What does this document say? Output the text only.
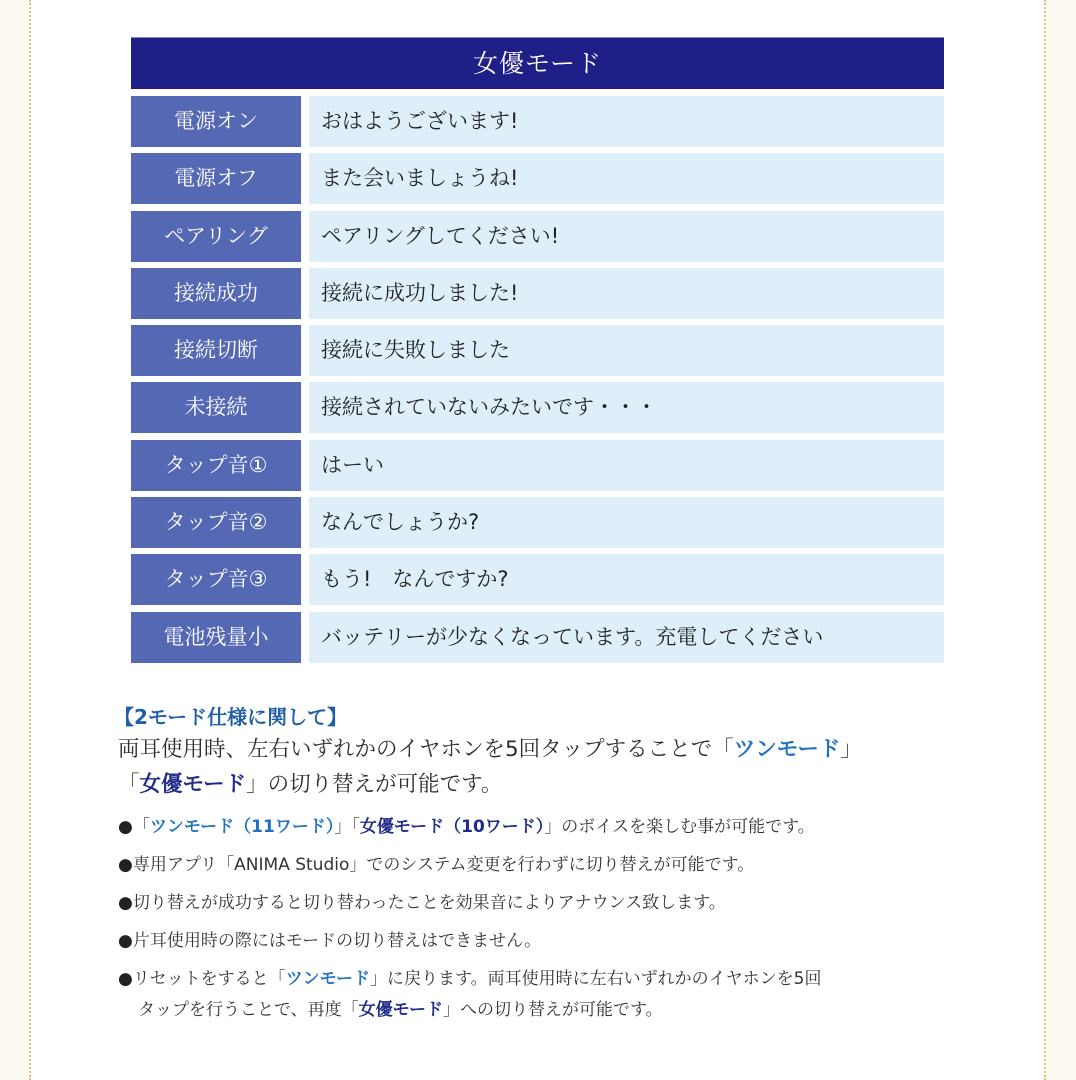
女優モード
電源オン	おはようございます!
電源オフ	また会いましょうね!
ペアリング	ペアリングしてください!
接続成功	接続に成功しました!
接続切断	接続に失敗しました
未接続	接続されていないみたいです・・・
タップ音①	はーい
タップ音②	なんでしょうか?
タップ音③	もう!　なんですか?
電池残量小	バッテリーが少なくなっています。充電してください
【2モード仕様に関して】
両耳使用時、左右いずれかのイヤホンを5回タップすることで「ツンモード」
「女優モード」の切り替えが可能です。
●「ツンモード（11ワード）」「女優モード（10ワード）」のボイスを楽しむ事が可能です。
●専用アプリ「ANIMA Studio」でのシステム変更を行わずに切り替えが可能です。
●切り替えが成功すると切り替わったことを効果音によりアナウンス致します。
●片耳使用時の際にはモードの切り替えはできません。
●リセットをすると「ツンモード」に戻ります。両耳使用時に左右いずれかのイヤホンを5回
タップを行うことで、再度「女優モード」への切り替えが可能です。
